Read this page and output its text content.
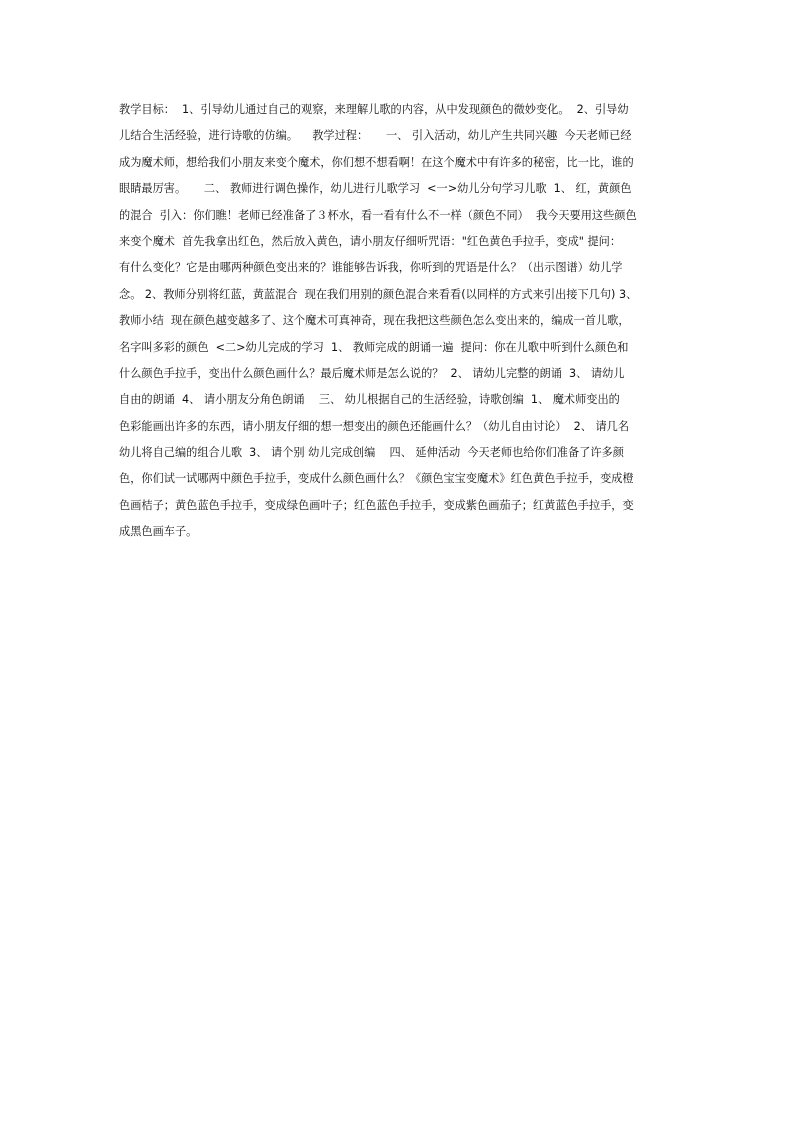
教学目标：  1、引导幼儿通过自己的观察，来理解儿歌的内容，从中发现颜色的微妙变化。  2、引导幼
儿结合生活经验，进行诗歌的仿编。    教学过程：     一、 引入活动，幼儿产生共同兴趣  今天老师已经
成为魔术师，想给我们小朋友来变个魔术，你们想不想看啊！在这个魔术中有许多的秘密，比一比，谁的
眼睛最厉害。     二、 教师进行调色操作，幼儿进行儿歌学习  <一>幼儿分句学习儿歌  1、 红，黄颜色
的混合  引入：你们瞧！老师已经准备了３杯水，看一看有什么不一样（颜色不同）  我今天要用这些颜色
来变个魔术  首先我拿出红色，然后放入黄色，请小朋友仔细听咒语："红色黄色手拉手，变成" 提问：
有什么变化？它是由哪两种颜色变出来的？谁能够告诉我，你听到的咒语是什么？（出示图谱）幼儿学
念。 2、教师分别将红蓝，黄蓝混合  现在我们用别的颜色混合来看看(以同样的方式来引出接下几句) 3、
教师小结  现在颜色越变越多了、这个魔术可真神奇，现在我把这些颜色怎么变出来的，编成一首儿歌，
名字叫多彩的颜色  <二>幼儿完成的学习  1、 教师完成的朗诵一遍  提问：你在儿歌中听到什么颜色和
什么颜色手拉手，变出什么颜色画什么？最后魔术师是怎么说的？  2、 请幼儿完整的朗诵  3、 请幼儿
自由的朗诵  4、 请小朋友分角色朗诵    三、 幼儿根据自己的生活经验，诗歌创编  1、 魔术师变出的
色彩能画出许多的东西，请小朋友仔细的想一想变出的颜色还能画什么？（幼儿自由讨论）  2、 请几名
幼儿将自己编的组合儿歌  3、 请个别 幼儿完成创编    四、 延伸活动  今天老师也给你们准备了许多颜
色，你们试一试哪两中颜色手拉手，变成什么颜色画什么？《颜色宝宝变魔术》红色黄色手拉手，变成橙
色画桔子；黄色蓝色手拉手，变成绿色画叶子；红色蓝色手拉手，变成紫色画茄子；红黄蓝色手拉手，变
成黑色画车子。
